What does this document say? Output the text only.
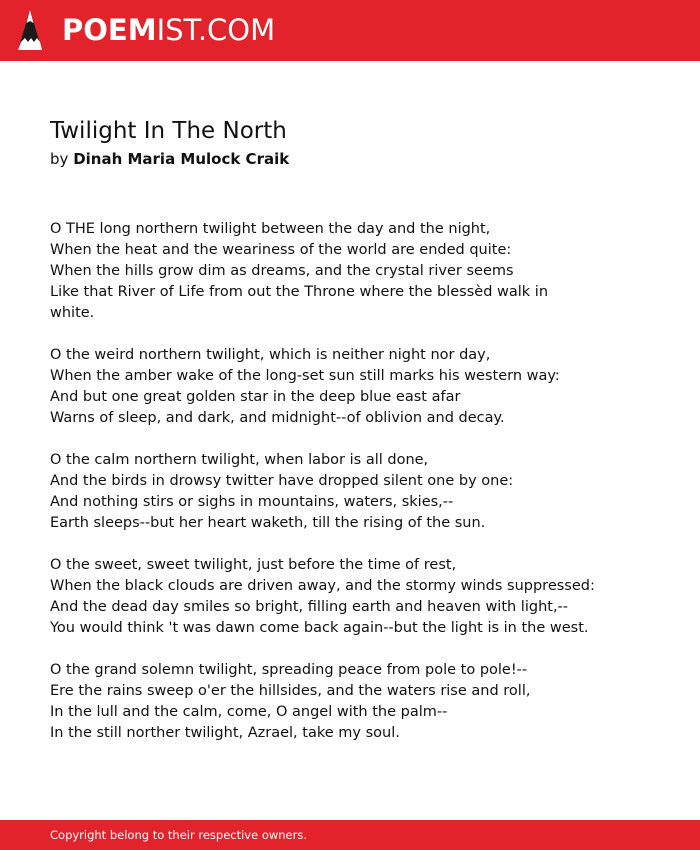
POEMIST.COM
Twilight In The North
by Dinah Maria Mulock Craik
O THE long northern twilight between the day and the night,
When the heat and the weariness of the world are ended quite:
When the hills grow dim as dreams, and the crystal river seems
Like that River of Life from out the Throne where the blessèd walk in
white.
O the weird northern twilight, which is neither night nor day,
When the amber wake of the long-set sun still marks his western way:
And but one great golden star in the deep blue east afar
Warns of sleep, and dark, and midnight--of oblivion and decay.
O the calm northern twilight, when labor is all done,
And the birds in drowsy twitter have dropped silent one by one:
And nothing stirs or sighs in mountains, waters, skies,--
Earth sleeps--but her heart waketh, till the rising of the sun.
O the sweet, sweet twilight, just before the time of rest,
When the black clouds are driven away, and the stormy winds suppressed:
And the dead day smiles so bright, filling earth and heaven with light,--
You would think 't was dawn come back again--but the light is in the west.
O the grand solemn twilight, spreading peace from pole to pole!--
Ere the rains sweep o'er the hillsides, and the waters rise and roll,
In the lull and the calm, come, O angel with the palm--
In the still norther twilight, Azrael, take my soul.
Copyright belong to their respective owners.
